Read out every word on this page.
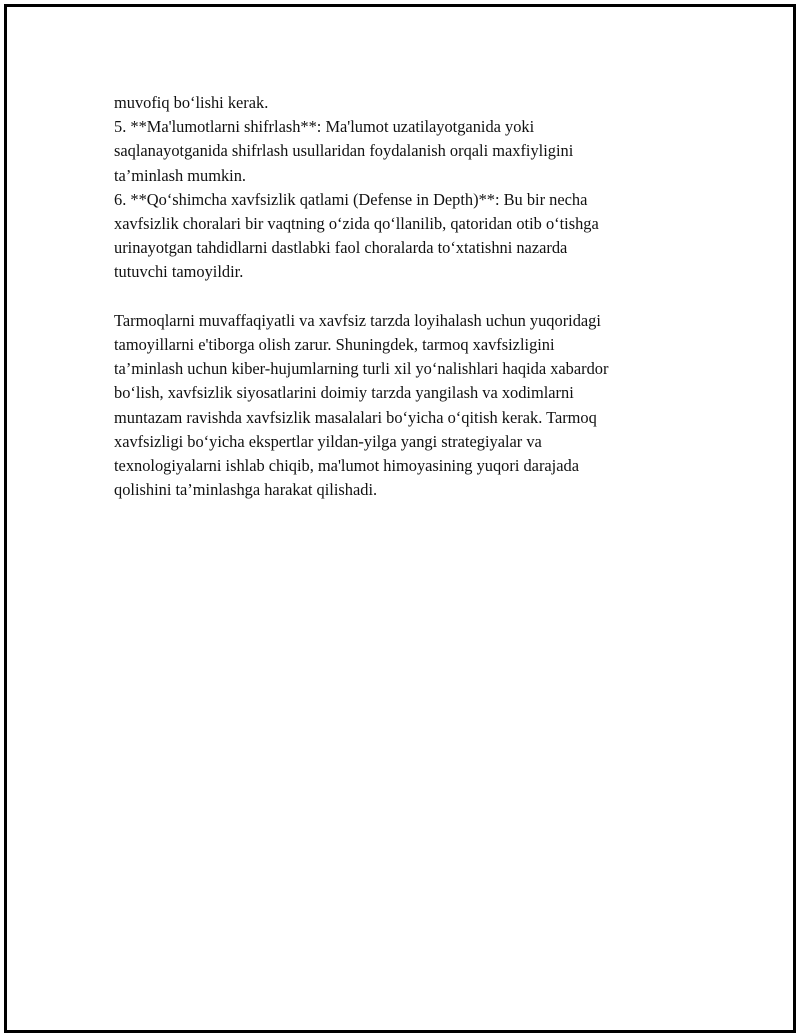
muvofiq bo‘lishi kerak.
5. **Ma'lumotlarni shifrlash**: Ma'lumot uzatilayotganida yoki
saqlanayotganida shifrlash usullaridan foydalanish orqali maxfiyligini
ta’minlash mumkin.
6. **Qo‘shimcha xavfsizlik qatlami (Defense in Depth)**: Bu bir necha
xavfsizlik choralari bir vaqtning o‘zida qo‘llanilib, qatoridan otib o‘tishga
urinayotgan tahdidlarni dastlabki faol choralarda to‘xtatishni nazarda
tutuvchi tamoyildir.
Tarmoqlarni muvaffaqiyatli va xavfsiz tarzda loyihalash uchun yuqoridagi
tamoyillarni e'tiborga olish zarur. Shuningdek, tarmoq xavfsizligini
ta’minlash uchun kiber-hujumlarning turli xil yo‘nalishlari haqida xabardor
bo‘lish, xavfsizlik siyosatlarini doimiy tarzda yangilash va xodimlarni
muntazam ravishda xavfsizlik masalalari bo‘yicha o‘qitish kerak. Tarmoq
xavfsizligi bo‘yicha ekspertlar yildan-yilga yangi strategiyalar va
texnologiyalarni ishlab chiqib, ma'lumot himoyasining yuqori darajada
qolishini ta’minlashga harakat qilishadi.
